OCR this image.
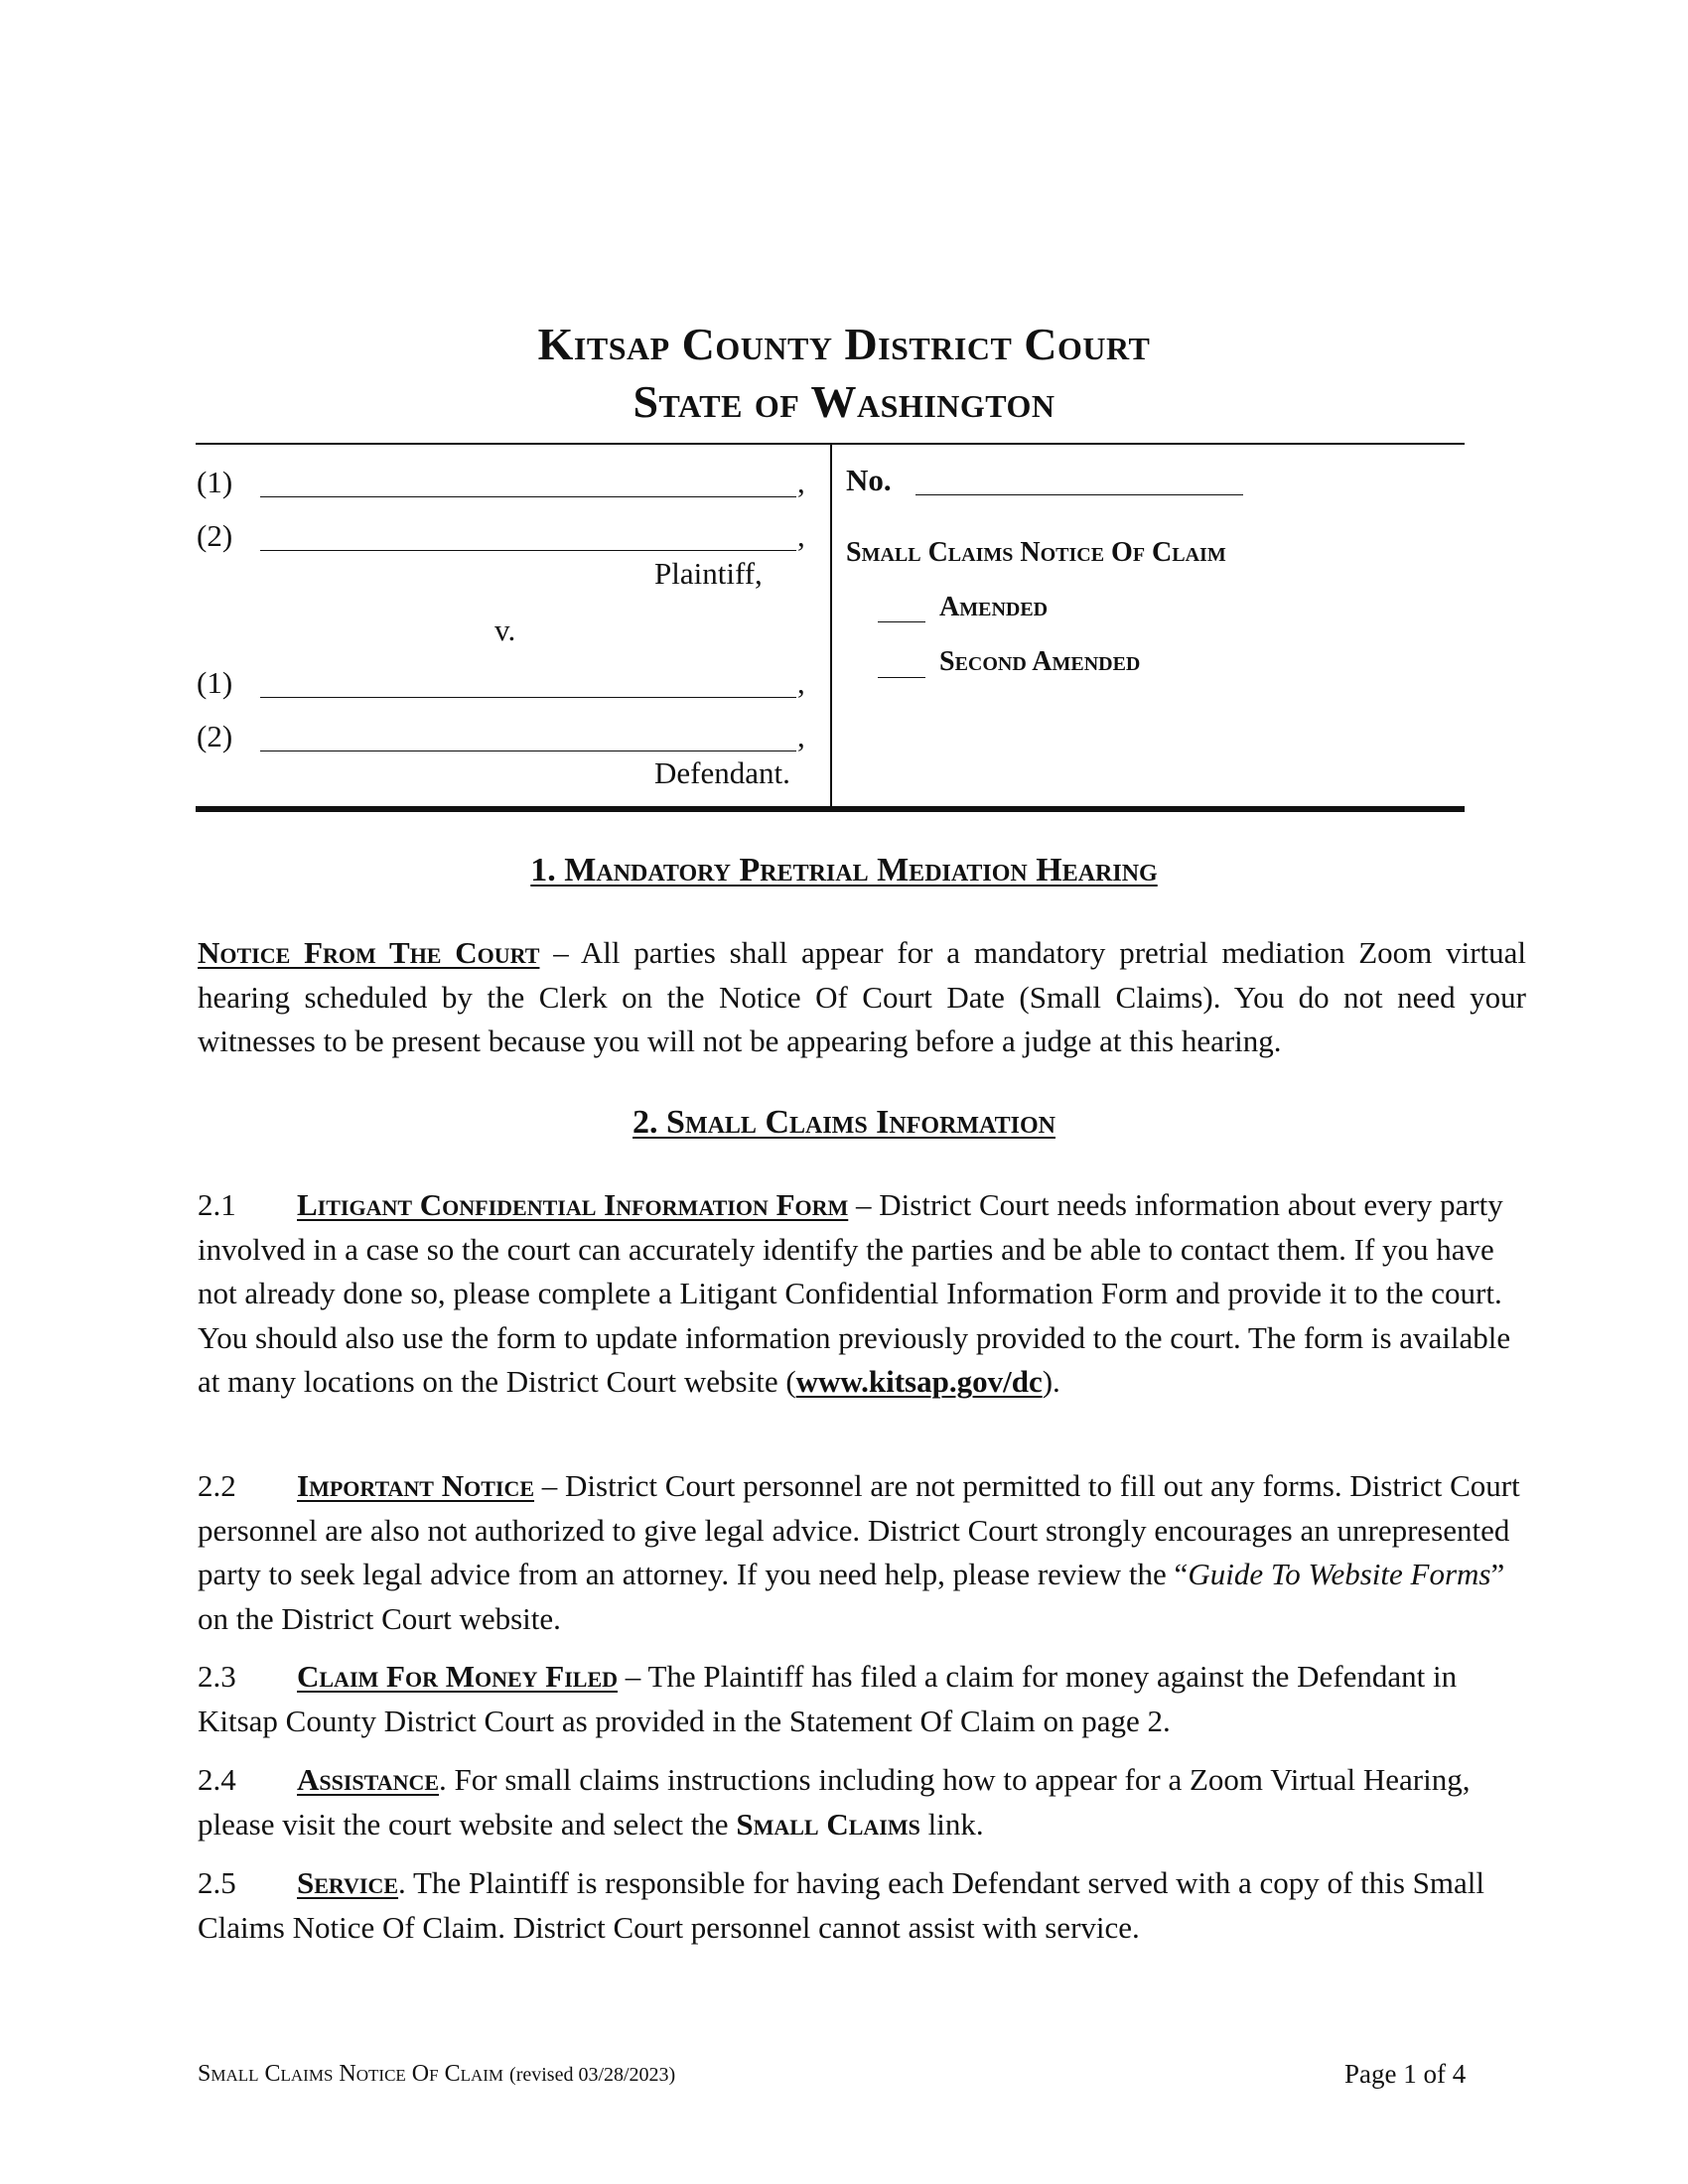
Kitsap County District Court
State of Washington
(1)	,
(2)	,
Plaintiff,
v.
(1)	,
(2)	,
Defendant.
No.
Small Claims Notice Of Claim
Amended
Second Amended
1. Mandatory Pretrial Mediation Hearing
Notice From The Court – All parties shall appear for a mandatory pretrial mediation Zoom virtual hearing scheduled by the Clerk on the Notice Of Court Date (Small Claims). You do not need your witnesses to be present because you will not be appearing before a judge at this hearing.
2. Small Claims Information
2.1 Litigant Confidential Information Form – District Court needs information about every party involved in a case so the court can accurately identify the parties and be able to contact them. If you have not already done so, please complete a Litigant Confidential Information Form and provide it to the court. You should also use the form to update information previously provided to the court. The form is available at many locations on the District Court website (www.kitsap.gov/dc).
2.2 Important Notice – District Court personnel are not permitted to fill out any forms. District Court personnel are also not authorized to give legal advice. District Court strongly encourages an unrepresented party to seek legal advice from an attorney. If you need help, please review the “Guide To Website Forms” on the District Court website.
2.3 Claim For Money Filed – The Plaintiff has filed a claim for money against the Defendant in Kitsap County District Court as provided in the Statement Of Claim on page 2.
2.4 Assistance. For small claims instructions including how to appear for a Zoom Virtual Hearing, please visit the court website and select the Small Claims link.
2.5 Service. The Plaintiff is responsible for having each Defendant served with a copy of this Small Claims Notice Of Claim. District Court personnel cannot assist with service.
Small Claims Notice Of Claim (revised 03/28/2023)	Page 1 of 4
